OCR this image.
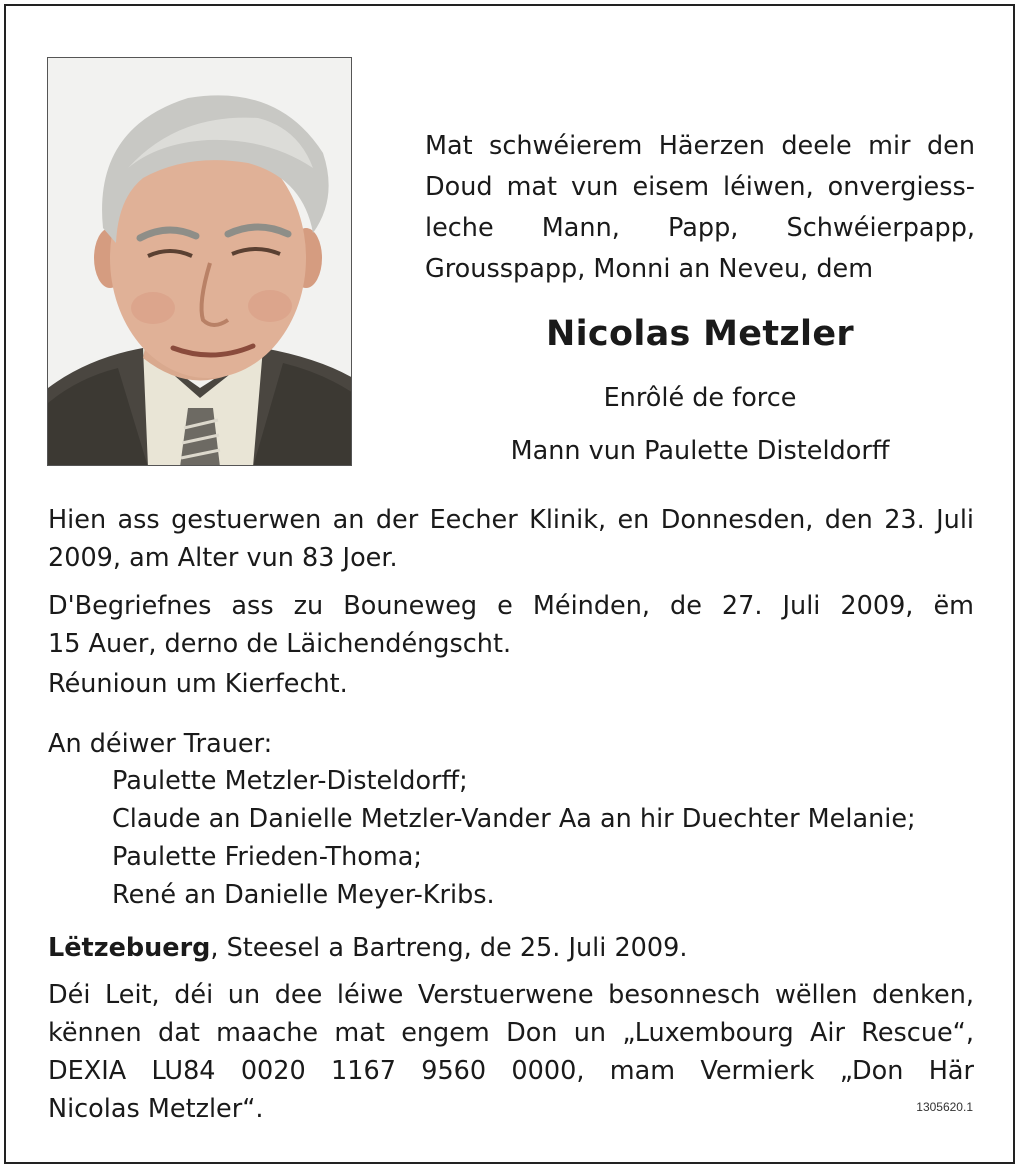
Mat schwéierem Häerzen deele mir den
Doud mat vun eisem léiwen, onvergiess-
leche Mann, Papp, Schwéierpapp,
Grousspapp, Monni an Neveu, dem
Nicolas Metzler
Enrôlé de force
Mann vun Paulette Disteldorff
Hien ass gestuerwen an der Eecher Klinik, en Donnesden, den 23. Juli
2009, am Alter vun 83 Joer.
D'Begriefnes ass zu Bouneweg e Méinden, de 27. Juli 2009, ëm
15 Auer, derno de Läichendéngscht.
Réunioun um Kierfecht.
An déiwer Trauer:
Paulette Metzler-Disteldorff;
Claude an Danielle Metzler-Vander Aa an hir Duechter Melanie;
Paulette Frieden-Thoma;
René an Danielle Meyer-Kribs.
Lëtzebuerg, Steesel a Bartreng, de 25. Juli 2009.
Déi Leit, déi un dee léiwe Verstuerwene besonnesch wëllen denken,
kënnen dat maache mat engem Don un „Luxembourg Air Rescue“,
DEXIA LU84 0020 1167 9560 0000, mam Vermierk „Don Här
Nicolas Metzler“.	1305620.1
